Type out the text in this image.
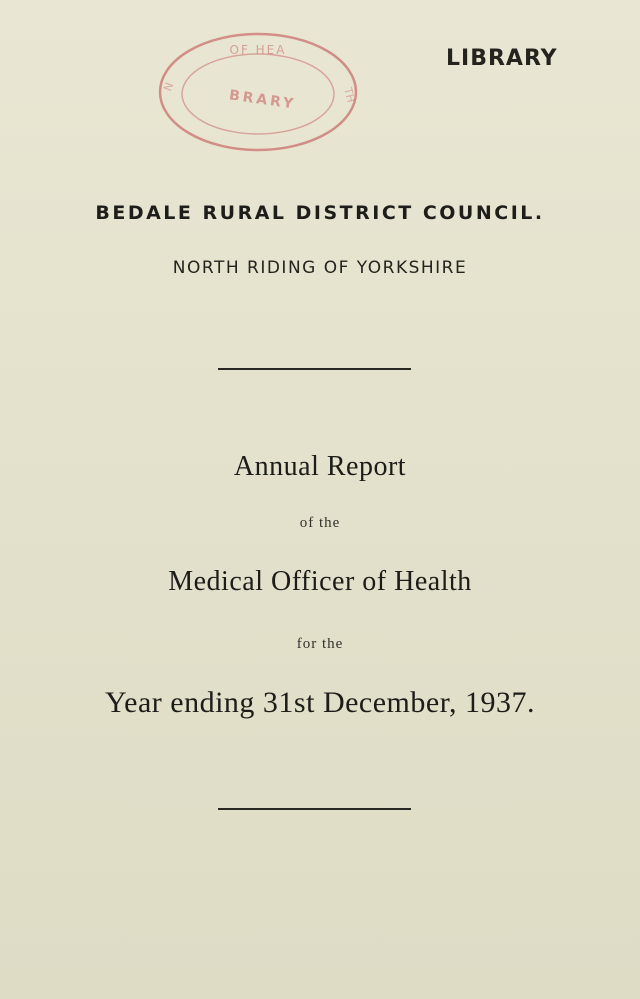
OF HEA
N
BRARY	TH
LIBRARY
BEDALE RURAL DISTRICT COUNCIL.
NORTH RIDING OF YORKSHIRE
Annual Report
of the
Medical Officer of Health
for the
Year ending 31st December, 1937.
